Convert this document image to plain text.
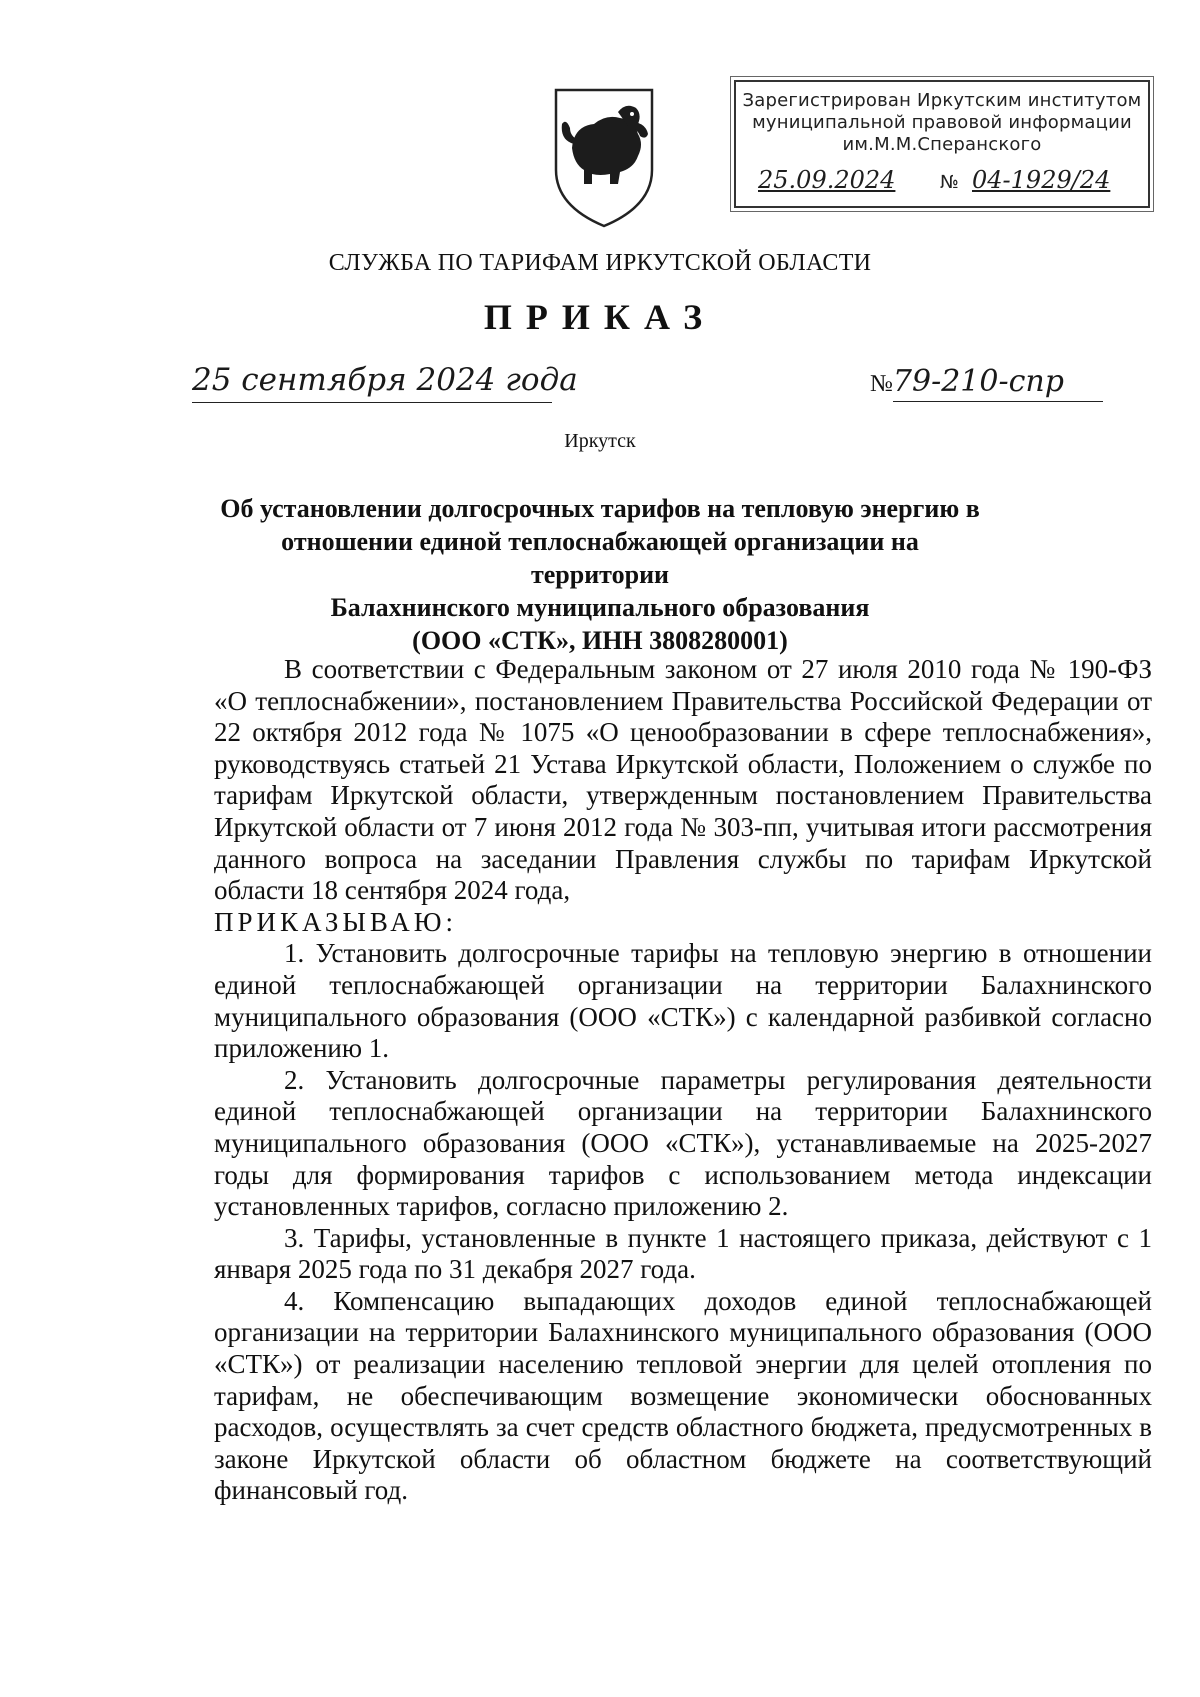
Зарегистрирован Иркутским институтом
муниципальной правовой информации
им.М.М.Сперанского
25.09.2024 № 04-1929/24
СЛУЖБА ПО ТАРИФАМ ИРКУТСКОЙ ОБЛАСТИ
ПРИКАЗ
25 сентября 2024 года	№79-210-спр
Иркутск
Об установлении долгосрочных тарифов на тепловую энергию в
отношении единой теплоснабжающей организации на территории
Балахнинского муниципального образования
(ООО «СТК», ИНН 3808280001)

В соответствии с Федеральным законом от 27 июля 2010 года № 190-ФЗ «О теплоснабжении», постановлением Правительства Российской Федерации от 22 октября 2012 года № 1075 «О ценообразовании в сфере теплоснабжения», руководствуясь статьей 21 Устава Иркутской области, Положением о службе по тарифам Иркутской области, утвержденным постановлением Правительства Иркутской области от 7 июня 2012 года № 303-пп, учитывая итоги рассмотрения данного вопроса на заседании Правления службы по тарифам Иркутской области 18 сентября 2024 года,

ПРИКАЗЫВАЮ:

1. Установить долгосрочные тарифы на тепловую энергию в отношении единой теплоснабжающей организации на территории Балахнинского муниципального образования (ООО «СТК») с календарной разбивкой согласно приложению 1.

2. Установить долгосрочные параметры регулирования деятельности единой теплоснабжающей организации на территории Балахнинского муниципального образования (ООО «СТК»), устанавливаемые на 2025-2027 годы для формирования тарифов с использованием метода индексации установленных тарифов, согласно приложению 2.

3. Тарифы, установленные в пункте 1 настоящего приказа, действуют с 1 января 2025 года по 31 декабря 2027 года.

4. Компенсацию выпадающих доходов единой теплоснабжающей организации на территории Балахнинского муниципального образования (ООО «СТК») от реализации населению тепловой энергии для целей отопления по тарифам, не обеспечивающим возмещение экономически обоснованных расходов, осуществлять за счет средств областного бюджета, предусмотренных в законе Иркутской области об областном бюджете на соответствующий финансовый год.
